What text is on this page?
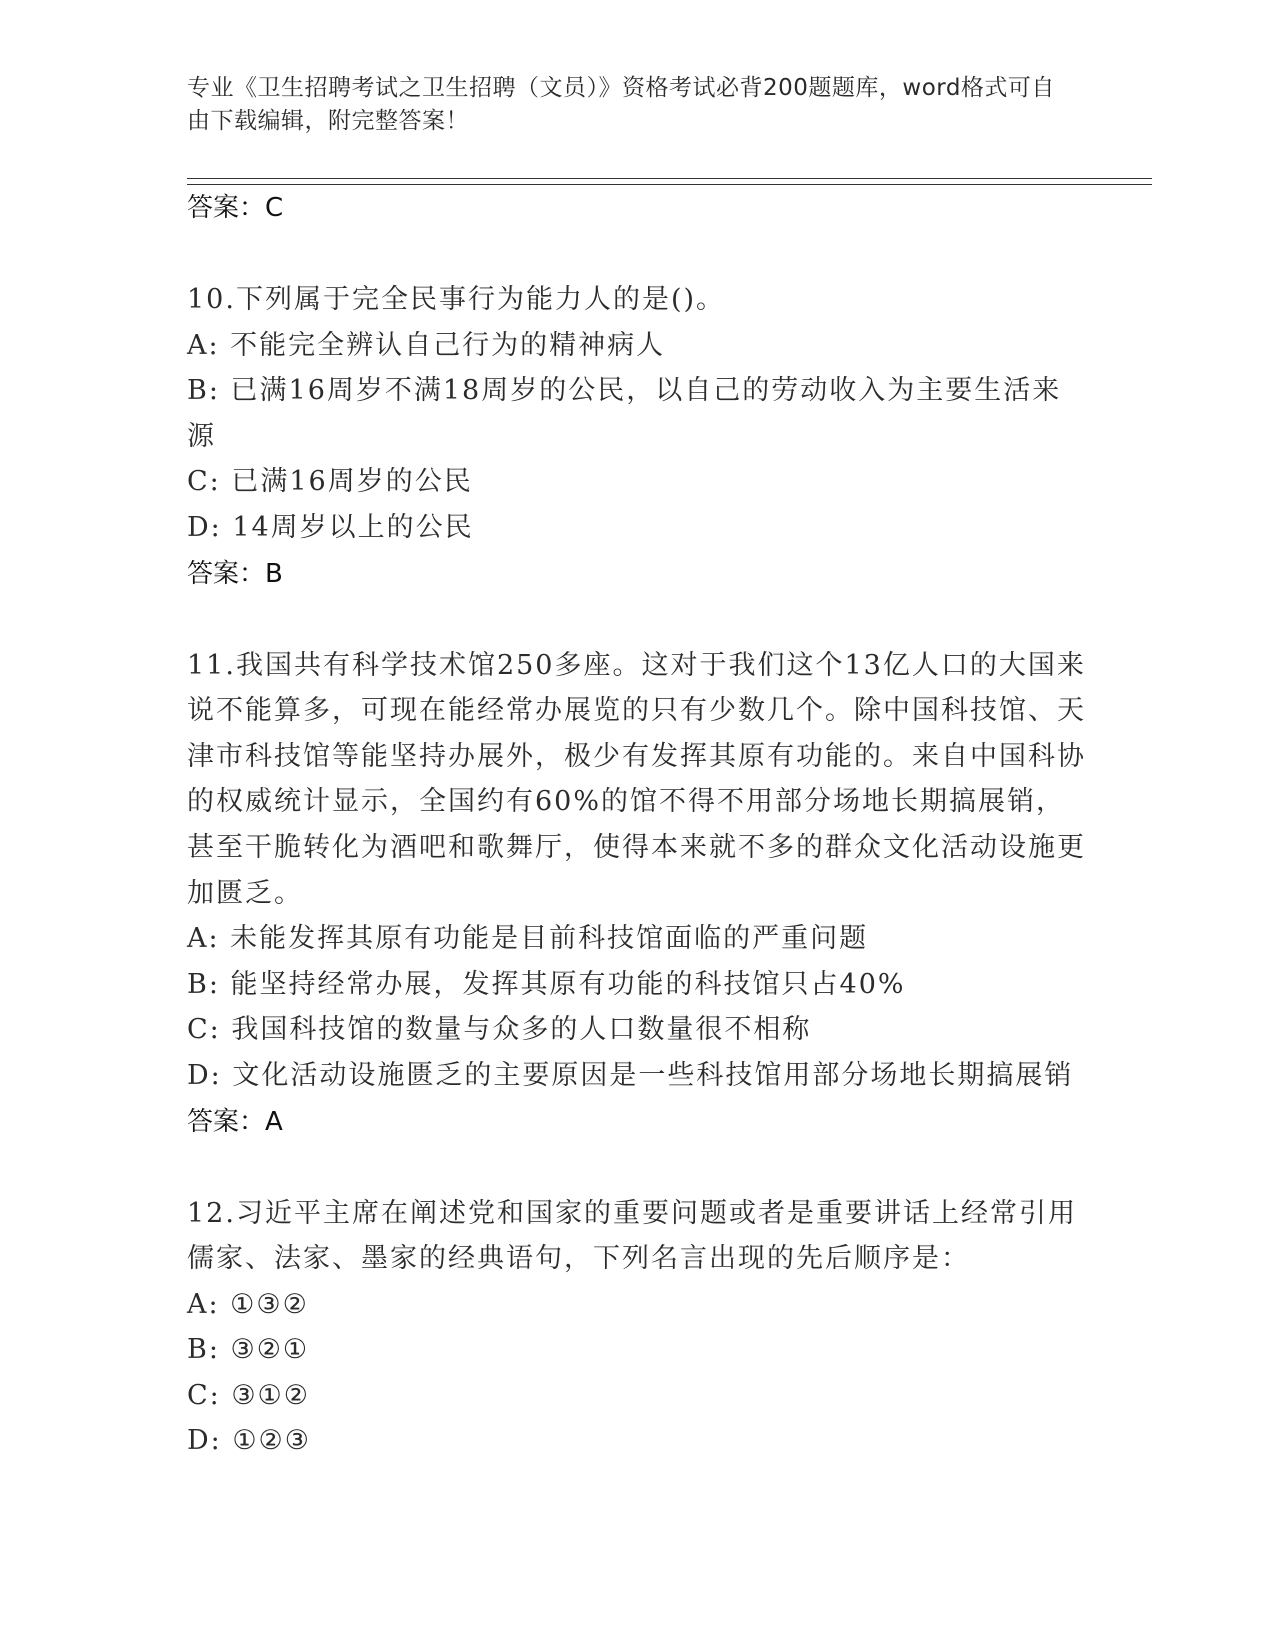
专业《卫生招聘考试之卫生招聘（文员）》资格考试必背200题题库，word格式可自由下载编辑，附完整答案！
答案：C
10.下列属于完全民事行为能力人的是()。
A: 不能完全辨认自己行为的精神病人
B: 已满16周岁不满18周岁的公民，以自己的劳动收入为主要生活来源
C: 已满16周岁的公民
D: 14周岁以上的公民
答案：B
11.我国共有科学技术馆250多座。这对于我们这个13亿人口的大国来说不能算多，可现在能经常办展览的只有少数几个。除中国科技馆、天津市科技馆等能坚持办展外，极少有发挥其原有功能的。来自中国科协的权威统计显示，全国约有60%的馆不得不用部分场地长期搞展销，甚至干脆转化为酒吧和歌舞厅，使得本来就不多的群众文化活动设施更加匮乏。
A: 未能发挥其原有功能是目前科技馆面临的严重问题
B: 能坚持经常办展，发挥其原有功能的科技馆只占40%
C: 我国科技馆的数量与众多的人口数量很不相称
D: 文化活动设施匮乏的主要原因是一些科技馆用部分场地长期搞展销
答案：A
12.习近平主席在阐述党和国家的重要问题或者是重要讲话上经常引用儒家、法家、墨家的经典语句，下列名言出现的先后顺序是：
A: ①③②
B: ③②①
C: ③①②
D: ①②③
